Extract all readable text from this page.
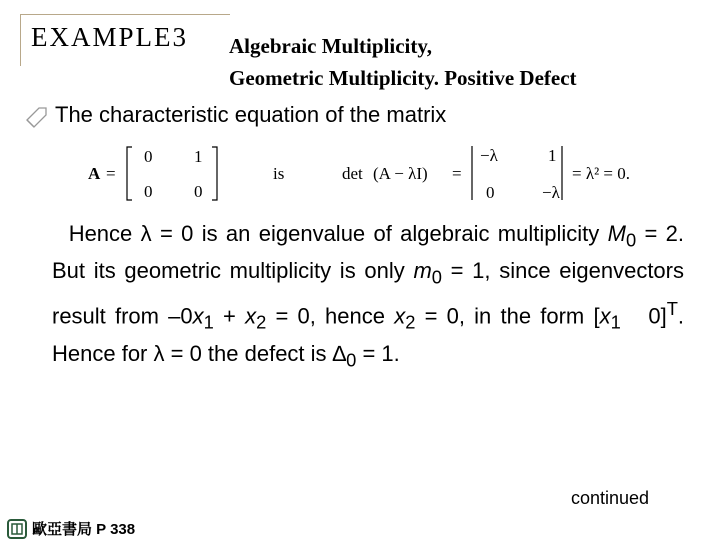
EXAMPLE3 Algebraic Multiplicity,
Geometric Multiplicity. Positive Defect
The characteristic equation of the matrix
A =
0 1
0 0
is	det (A − λI) =
−λ	1
0	−λ
= λ² = 0.
Hence λ = 0 is an eigenvalue of algebraic multiplicity $M_0 = 2$. But its geometric multiplicity is only $m_0 = 1$, since eigenvectors result from $-0x_1 + x_2 = 0$, hence $x_2 = 0$, in the form [$x_1$   0]$^T$. Hence for λ = 0 the defect is $\Delta_0 = 1$.
continued
歐亞書局 P 338
